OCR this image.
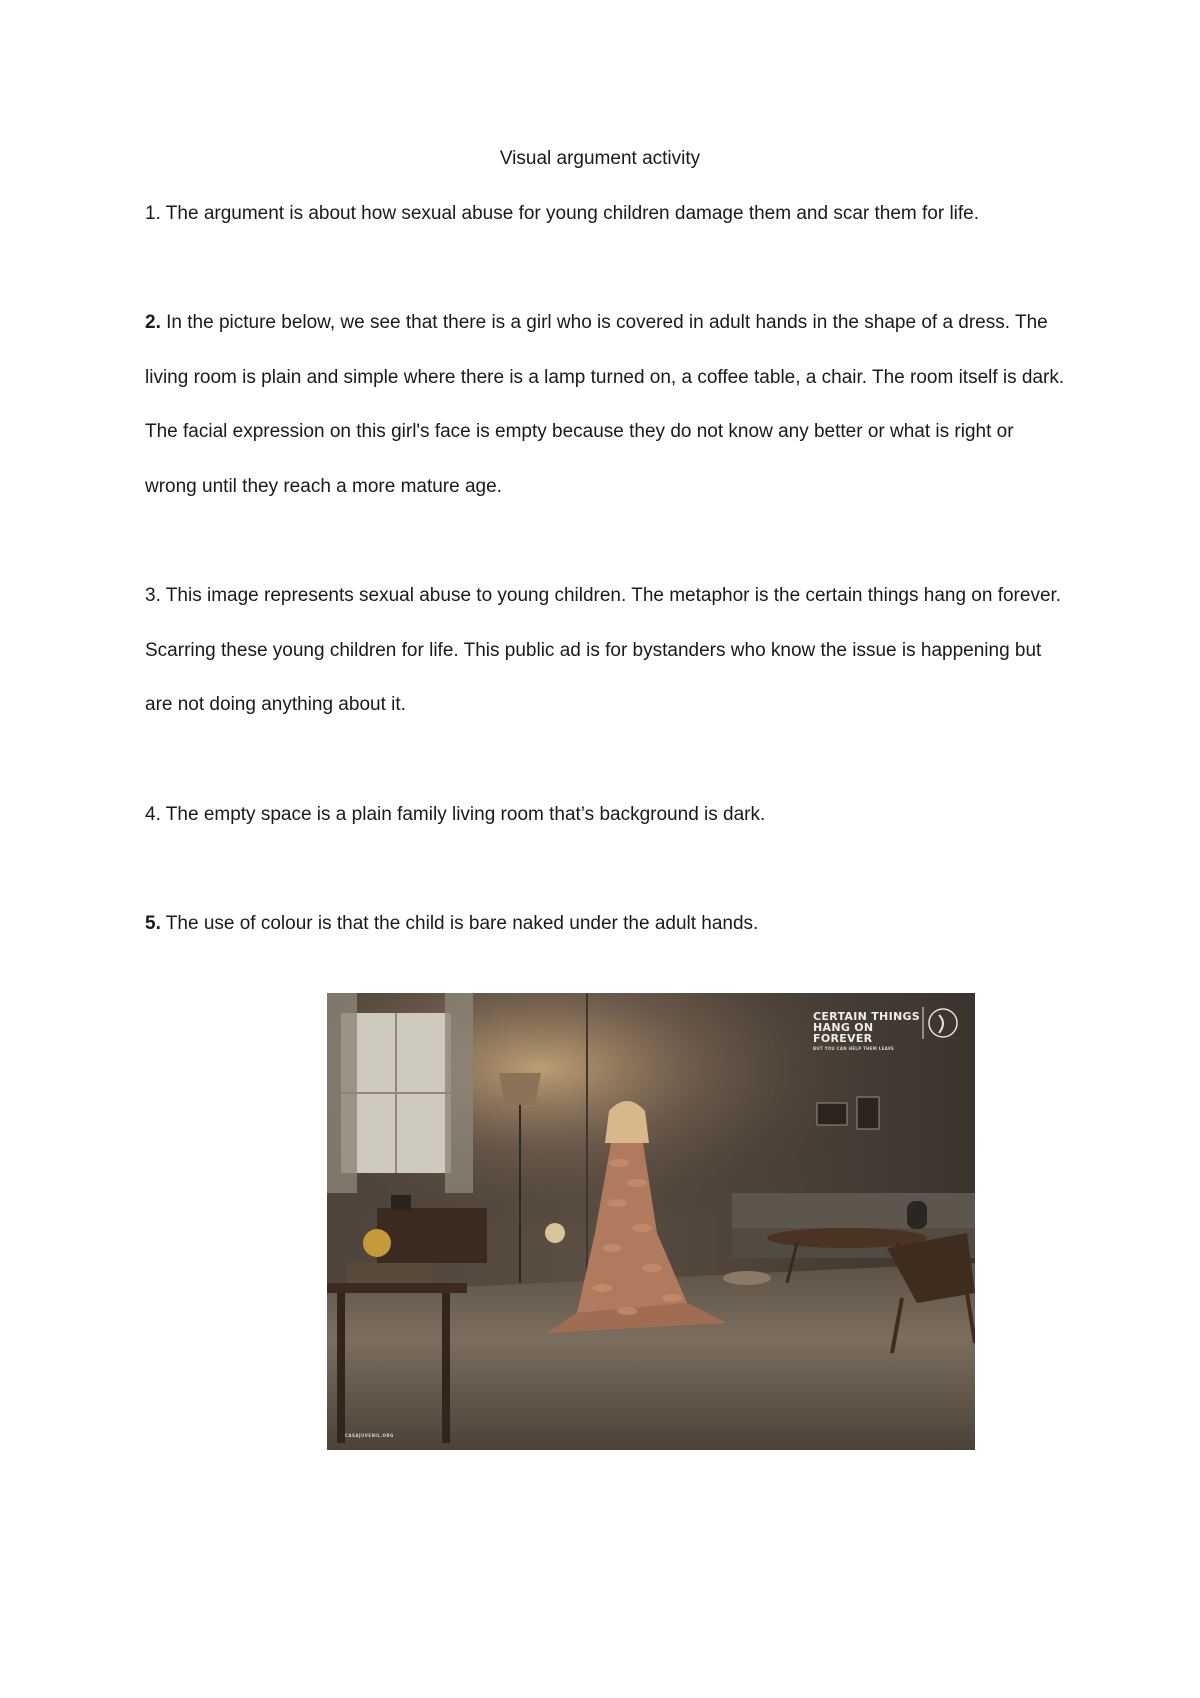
Visual argument activity

1. The argument is about how sexual abuse for young children damage them and scar them for life.

2. In the picture below, we see that there is a girl who is covered in adult hands in the shape of a dress. The living room is plain and simple where there is a lamp turned on, a coffee table, a chair. The room itself is dark. The facial expression on this girl's face is empty because they do not know any better or what is right or wrong until they reach a more mature age.

3. This image represents sexual abuse to young children. The metaphor is the certain things hang on forever. Scarring these young children for life. This public ad is for bystanders who know the issue is happening but are not doing anything about it.

4. The empty space is a plain family living room that’s background is dark.

5. The use of colour is that the child is bare naked under the adult hands.

CERTAIN THINGS
HANG ON FOREVER
BUT YOU CAN HELP THEM LEAVE
CASAJUVENIL.ORG
